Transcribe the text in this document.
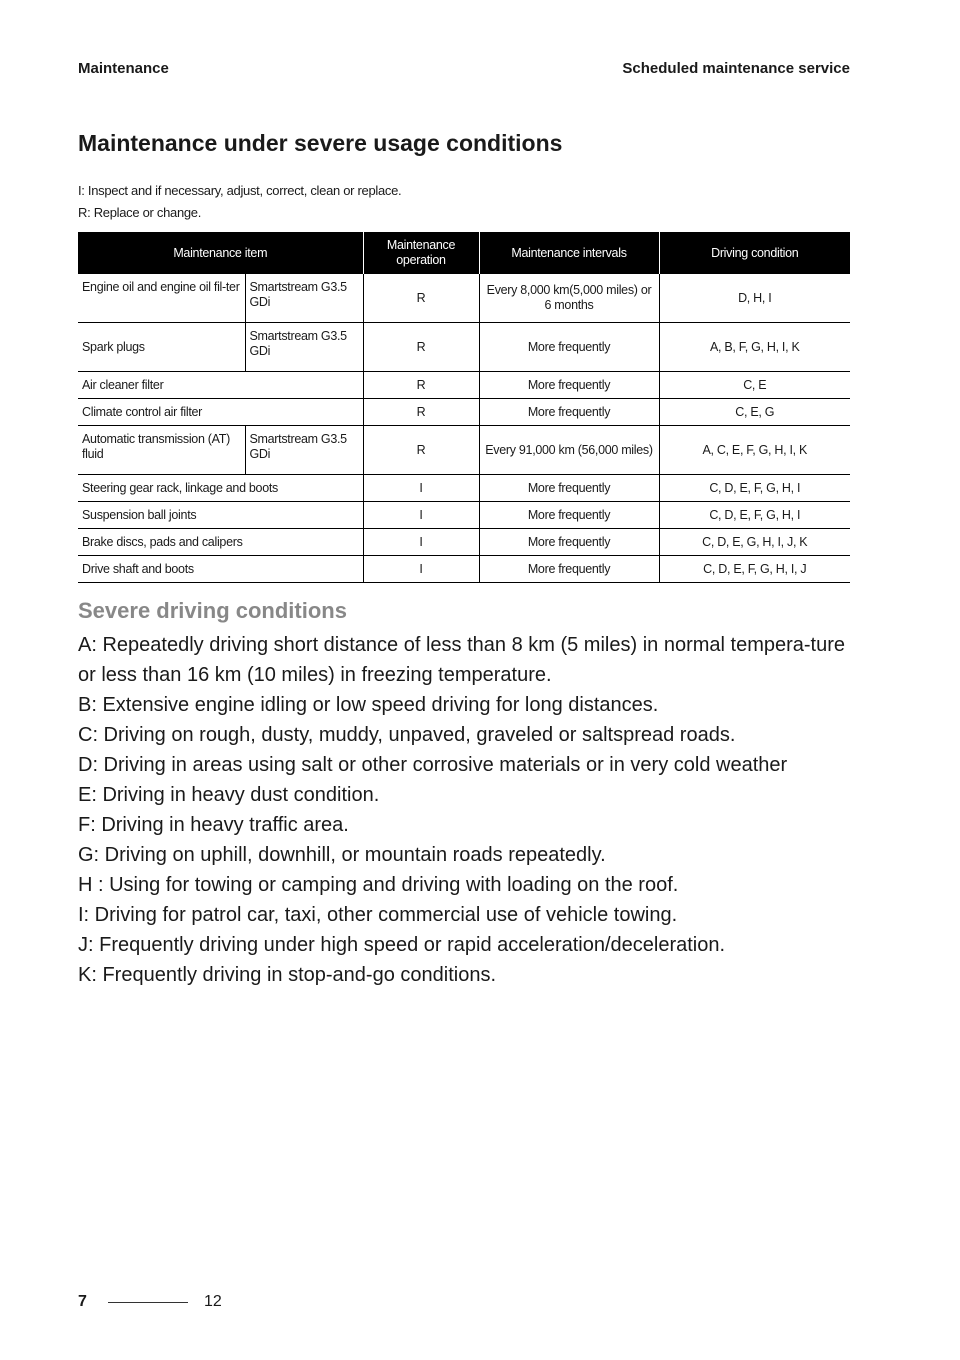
Maintenance	Scheduled maintenance service
Maintenance under severe usage conditions
I: Inspect and if necessary, adjust, correct, clean or replace.
R: Replace or change.
Maintenance item		Maintenance operation	Maintenance intervals	Driving condition
Engine oil and engine oil fil-ter	Smartstream G3.5 GDi	R	Every 8,000 km(5,000 miles) or 6 months	D, H, I
Spark plugs	Smartstream G3.5 GDi	R	More frequently	A, B, F, G, H, I, K
Air cleaner filter		R	More frequently	C, E
Climate control air filter		R	More frequently	C, E, G
Automatic transmission (AT) fluid	Smartstream G3.5 GDi	R	Every 91,000 km (56,000 miles)	A, C, E, F, G, H, I, K
Steering gear rack, linkage and boots		I	More frequently	C, D, E, F, G, H, I
Suspension ball joints		I	More frequently	C, D, E, F, G, H, I
Brake discs, pads and calipers		I	More frequently	C, D, E, G, H, I, J, K
Drive shaft and boots		I	More frequently	C, D, E, F, G, H, I, J
Severe driving conditions
A: Repeatedly driving short distance of less than 8 km (5 miles) in normal tempera-ture or less than 16 km (10 miles) in freezing temperature.
B: Extensive engine idling or low speed driving for long distances.
C: Driving on rough, dusty, muddy, unpaved, graveled or saltspread roads.
D: Driving in areas using salt or other corrosive materials or in very cold weather
E: Driving in heavy dust condition.
F: Driving in heavy traffic area.
G: Driving on uphill, downhill, or mountain roads repeatedly.
H : Using for towing or camping and driving with loading on the roof.
I: Driving for patrol car, taxi, other commercial use of vehicle towing.
J: Frequently driving under high speed or rapid acceleration/deceleration.
K: Frequently driving in stop-and-go conditions.
7	12
